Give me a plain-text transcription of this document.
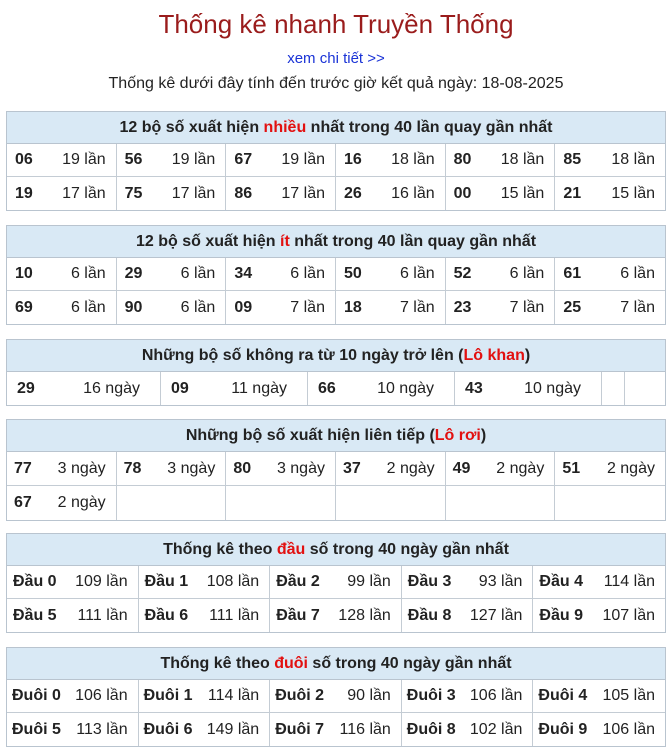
Thống kê nhanh Truyền Thống
xem chi tiết >>
Thống kê dưới đây tính đến trước giờ kết quả ngày: 18-08-2025
12 bộ số xuất hiện nhiều nhất trong 40 lần quay gần nhất
06 19 lần 56 19 lần 67 19 lần 16 18 lần 80 18 lần 85 18 lần
19 17 lần 75 17 lần 86 17 lần 26 16 lần 00 15 lần 21 15 lần
12 bộ số xuất hiện ít nhất trong 40 lần quay gần nhất
10 6 lần 29 6 lần 34 6 lần 50 6 lần 52 6 lần 61 6 lần
69 6 lần 90 6 lần 09 7 lần 18 7 lần 23 7 lần 25 7 lần
Những bộ số không ra từ 10 ngày trở lên (Lô khan)
29	16 ngày 09	11 ngày 66	10 ngày 43	10 ngày
Những bộ số xuất hiện liên tiếp (Lô rơi)
77 3 ngày 78 3 ngày 80 3 ngày 37 2 ngày 49 2 ngày 51 2 ngày
67 2 ngày
Thống kê theo đầu số trong 40 ngày gần nhất
Đầu 0 109 lần Đầu 1 108 lần Đầu 2 99 lần Đầu 3 93 lần Đầu 4 114 lần
Đầu 5 111 lần Đầu 6 111 lần Đầu 7 128 lần Đầu 8 127 lần Đầu 9 107 lần
Thống kê theo đuôi số trong 40 ngày gần nhất
Đuôi 0 106 lần Đuôi 1 114 lần Đuôi 2 90 lần Đuôi 3 106 lần Đuôi 4 105 lần
Đuôi 5 113 lần Đuôi 6 149 lần Đuôi 7 116 lần Đuôi 8 102 lần Đuôi 9 106 lần
